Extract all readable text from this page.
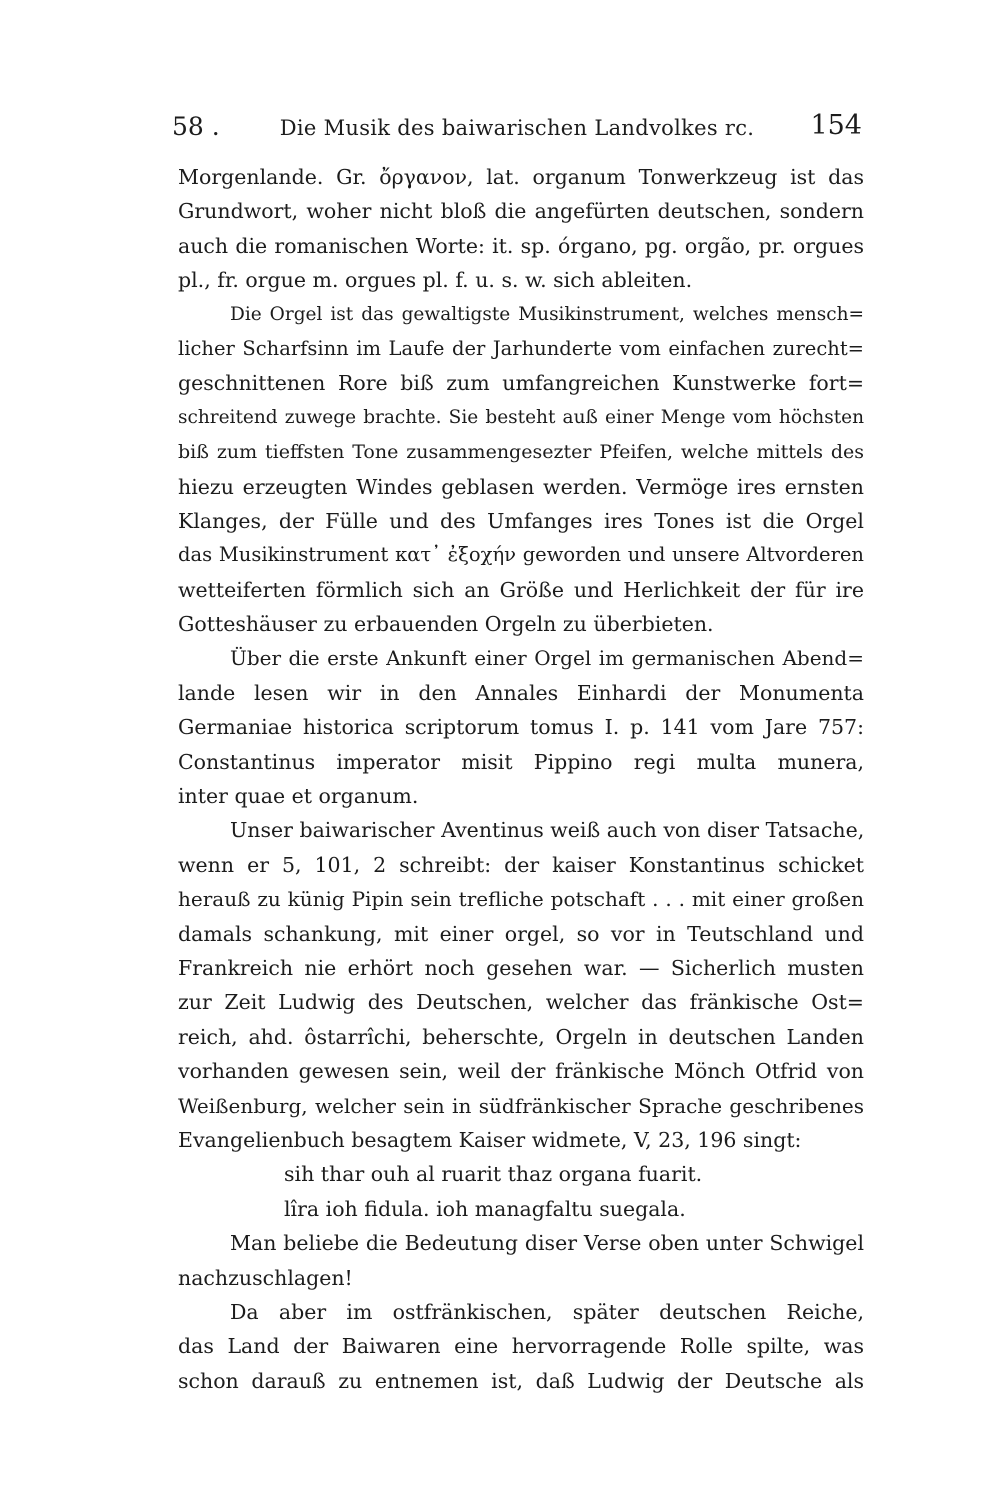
58 .	Die Musik des baiwarischen Landvolkes rc.	154
Morgenlande. Gr. ὄργανον, lat. organum Tonwerkzeug ist das
Grundwort, woher nicht bloß die angefürten deutschen, sondern
auch die romanischen Worte: it. sp. órgano, pg. orgão, pr. orgues
pl., fr. orgue m. orgues pl. f. u. s. w. sich ableiten.
Die Orgel ist das gewaltigste Musikinstrument, welches mensch=
licher Scharfsinn im Laufe der Jarhunderte vom einfachen zurecht=
geschnittenen Rore biß zum umfangreichen Kunstwerke fort=
schreitend zuwege brachte. Sie besteht auß einer Menge vom höchsten
biß zum tieffsten Tone zusammengesezter Pfeifen, welche mittels des
hiezu erzeugten Windes geblasen werden. Vermöge ires ernsten
Klanges, der Fülle und des Umfanges ires Tones ist die Orgel
das Musikinstrument κατ᾽ ἐξοχήν geworden und unsere Altvorderen
wetteiferten förmlich sich an Größe und Herlichkeit der für ire
Gotteshäuser zu erbauenden Orgeln zu überbieten.
Über die erste Ankunft einer Orgel im germanischen Abend=
lande lesen wir in den Annales Einhardi der Monumenta
Germaniae historica scriptorum tomus I. p. 141 vom Jare 757:
Constantinus imperator misit Pippino regi multa munera,
inter quae et organum.
Unser baiwarischer Aventinus weiß auch von diser Tatsache,
wenn er 5, 101, 2 schreibt: der kaiser Konstantinus schicket
herauß zu künig Pipin sein trefliche potschaft . . . mit einer großen
damals schankung, mit einer orgel, so vor in Teutschland und
Frankreich nie erhört noch gesehen war. — Sicherlich musten
zur Zeit Ludwig des Deutschen, welcher das fränkische Ost=
reich, ahd. ôstarrîchi, beherschte, Orgeln in deutschen Landen
vorhanden gewesen sein, weil der fränkische Mönch Otfrid von
Weißenburg, welcher sein in südfränkischer Sprache geschribenes
Evangelienbuch besagtem Kaiser widmete, V, 23, 196 singt:
sih thar ouh al ruarit thaz organa fuarit.
lîra ioh fidula. ioh managfaltu suegala.
Man beliebe die Bedeutung diser Verse oben unter Schwigel
nachzuschlagen!
Da aber im ostfränkischen, später deutschen Reiche,
das Land der Baiwaren eine hervorragende Rolle spilte, was
schon darauß zu entnemen ist, daß Ludwig der Deutsche als
